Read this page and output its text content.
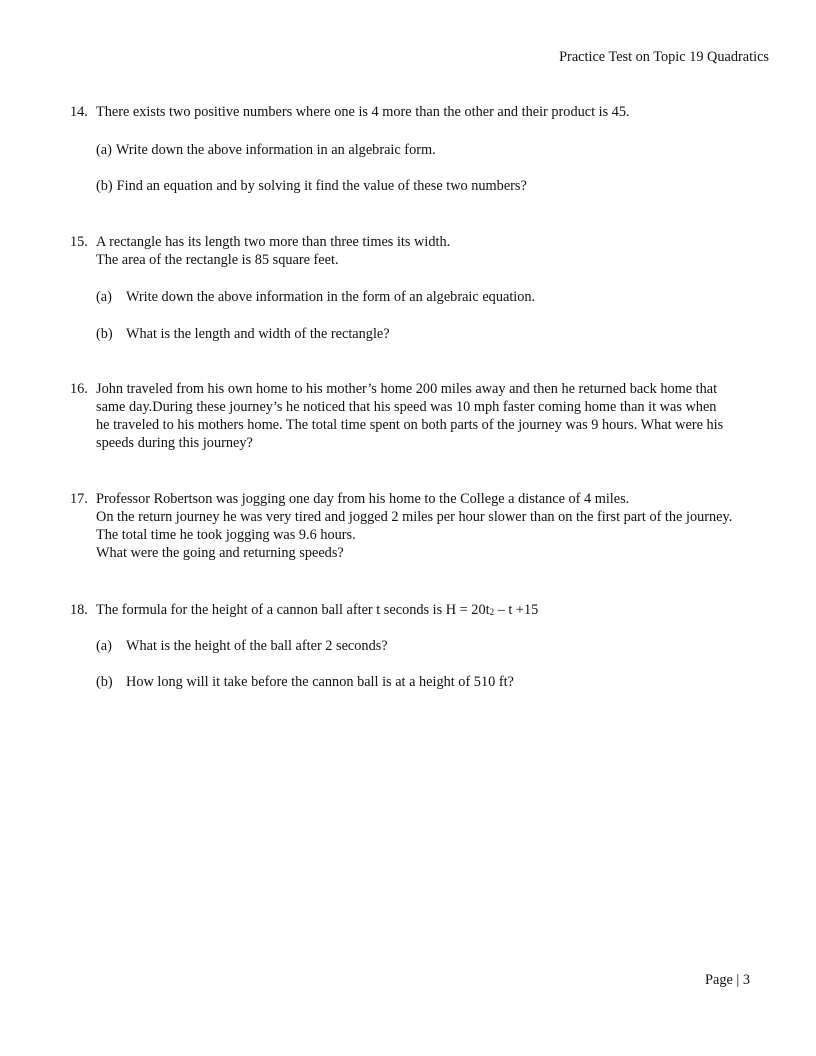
Practice Test on Topic 19 Quadratics
14. There exists two positive numbers where one is 4 more than the other and their product is 45.
(a) Write down the above information in an algebraic form.
(b) Find an equation and by solving it find the value of these two numbers?
15. A rectangle has its length two more than three times its width.
The area of the rectangle is 85 square feet.
(a) Write down the above information in the form of an algebraic equation.
(b) What is the length and width of the rectangle?
16. John traveled from his own home to his mother’s home 200 miles away and then he returned back home that
same day.During these journey’s he noticed that his speed was 10 mph faster coming home than it was when
he traveled to his mothers home. The total time spent on both parts of the journey was 9 hours. What were his
speeds during this journey?
17. Professor Robertson was jogging one day from his home to the College a distance of 4 miles.
On the return journey he was very tired and jogged 2 miles per hour slower than on the first part of the journey.
The total time he took jogging was 9.6 hours.
What were the going and returning speeds?
18. The formula for the height of a cannon ball after t seconds is $H = 20t^2 - t +15$
(a) What is the height of the ball after 2 seconds?
(b) How long will it take before the cannon ball is at a height of 510 ft?
Page | 3
